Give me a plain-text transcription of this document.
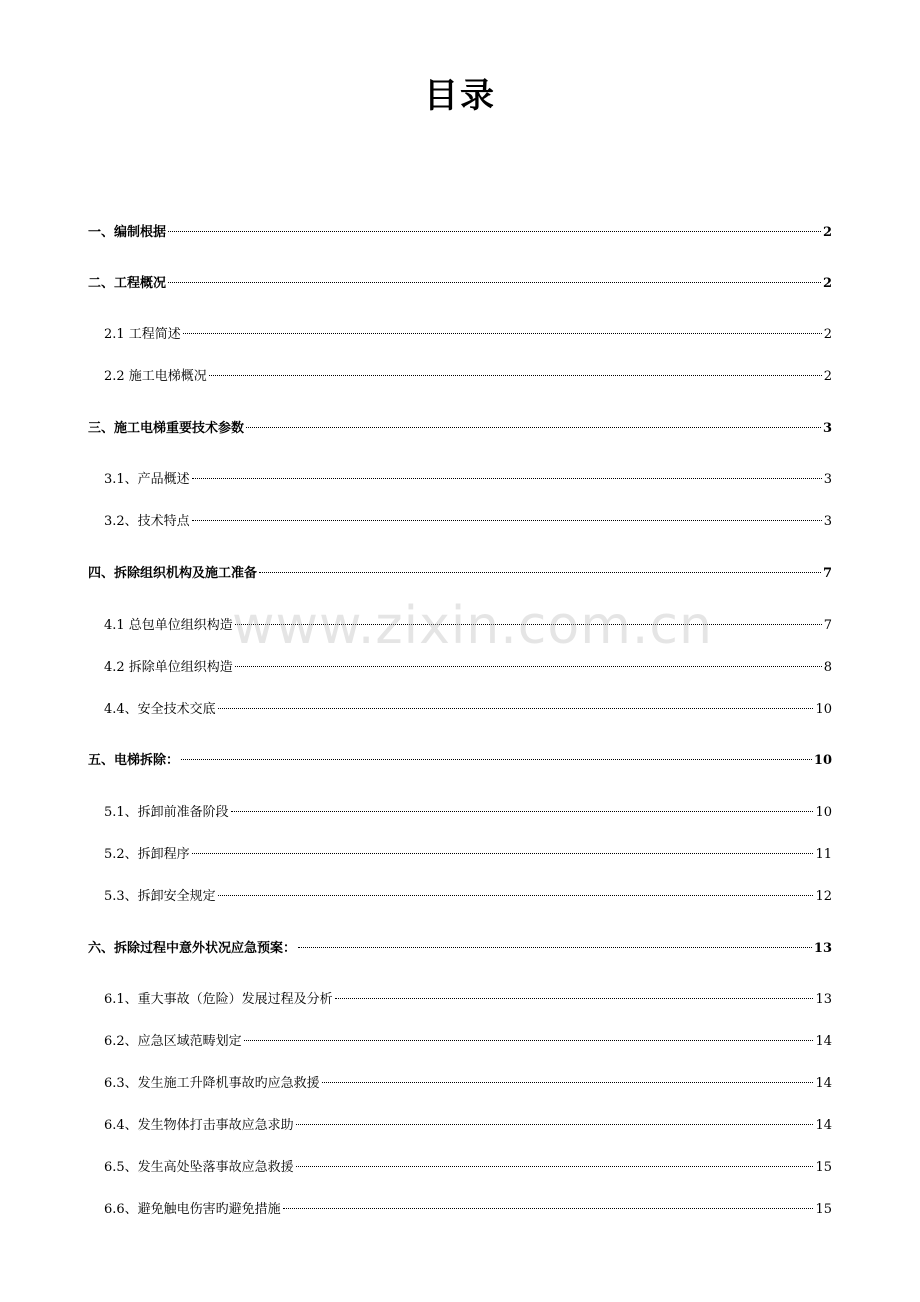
目录
一、编制根据	2
二、工程概况	2
2.1 工程简述	2
2.2 施工电梯概况	2
三、施工电梯重要技术参数	3
3.1、产品概述	3
3.2、技术特点	3
四、拆除组织机构及施工准备	7
4.1 总包单位组织构造	7
4.2 拆除单位组织构造	8
4.4、安全技术交底	10
五、电梯拆除：	10
5.1、拆卸前准备阶段	10
5.2、拆卸程序	11
5.3、拆卸安全规定	12
六、拆除过程中意外状况应急预案：	13
6.1、重大事故（危险）发展过程及分析	13
6.2、应急区域范畴划定	14
6.3、发生施工升降机事故旳应急救援	14
6.4、发生物体打击事故应急求助	14
6.5、发生高处坠落事故应急救援	15
6.6、避免触电伤害旳避免措施	15
www.zixin.com.cn
